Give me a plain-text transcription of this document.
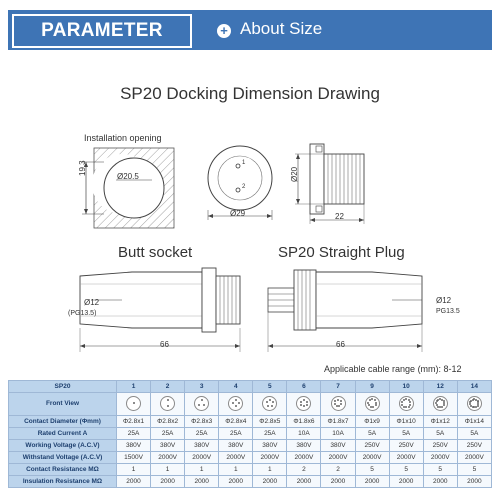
PARAMETER	+ About Size
SP20 Docking Dimension Drawing
Installation opening
19.3
Ø20.5
1
2
Ø29
Ø20
22
Butt socket
Ø12
(PG13.5)
66
SP20 Straight Plug
Ø12
PG13.5
66
Applicable cable range (mm): 8-12
SP20	1	2	3	4	5	6	7	9	10	12	14
Front View	

Contact Diameter (Φmm)	Φ2.8x1	Φ2.8x2	Φ2.8x3	Φ2.8x4	Φ2.8x5	Φ1.8x6	Φ1.8x7	Φ1x9	Φ1x10	Φ1x12	Φ1x14
Rated Current A	25A	25A	25A	25A	25A	10A	10A	5A	5A	5A	5A
Working Voltage (A.C.V)	380V	380V	380V	380V	380V	380V	380V	250V	250V	250V	250V
Withstand Voltage (A.C.V)	1500V	2000V	2000V	2000V	2000V	2000V	2000V	2000V	2000V	2000V	2000V
Contact Resistance MΩ	1	1	1	1	1	2	2	5	5	5	5
Insulation Resistance MΩ	2000	2000	2000	2000	2000	2000	2000	2000	2000	2000	2000
